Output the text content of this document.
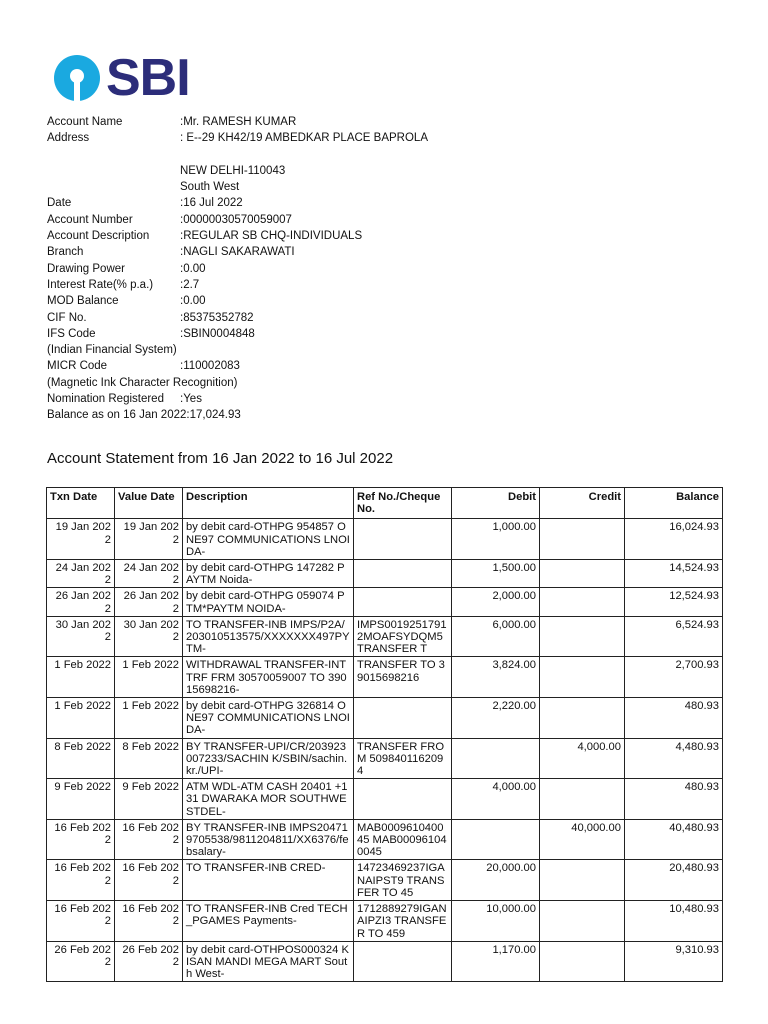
SBI
Account Name	:Mr. RAMESH KUMAR
Address	: E--29 KH42/19 AMBEDKAR PLACE BAPROLA
NEW DELHI-110043
South West
Date	:16 Jul 2022
Account Number	:00000030570059007
Account Description	:REGULAR SB CHQ-INDIVIDUALS
Branch	:NAGLI SAKARAWATI
Drawing Power	:0.00
Interest Rate(% p.a.)	:2.7
MOD Balance	:0.00
CIF No.	:85375352782
IFS Code	:SBIN0004848
(Indian Financial System)
MICR Code	:110002083
(Magnetic Ink Character Recognition)
Nomination Registered	:Yes
Balance as on 16 Jan 2022 :17,024.93
Account Statement from 16 Jan 2022 to 16 Jul 2022
Txn Date	Value Date	Description	Ref No./Cheque No.	Debit	Credit	Balance
19 Jan 2022	19 Jan 2022	by debit card-OTHPG 954857 ONE97 COMMUNICATIONS LNOIDA-		1,000.00		16,024.93
24 Jan 2022	24 Jan 2022	by debit card-OTHPG 147282 PAYTM Noida-		1,500.00		14,524.93
26 Jan 2022	26 Jan 2022	by debit card-OTHPG 059074 PTM*PAYTM NOIDA-		2,000.00		12,524.93
30 Jan 2022	30 Jan 2022	TO TRANSFER-INB IMPS/P2A/203010513575/XXXXXXX497PYTM-	IMPS00192517912MOAFSYDQM5 TRANSFER T	6,000.00		6,524.93
1 Feb 2022	1 Feb 2022	WITHDRAWAL TRANSFER-INT TRF FRM 30570059007 TO 39015698216-	TRANSFER TO 39015698216	3,824.00		2,700.93
1 Feb 2022	1 Feb 2022	by debit card-OTHPG 326814 ONE97 COMMUNICATIONS LNOIDA-		2,220.00		480.93
8 Feb 2022	8 Feb 2022	BY TRANSFER-UPI/CR/203923007233/SACHIN K/SBIN/sachin.kr./UPI-	TRANSFER FROM 5098401162094		4,000.00	4,480.93
9 Feb 2022	9 Feb 2022	ATM WDL-ATM CASH 20401 +131 DWARAKA MOR SOUTHWESTDEL-		4,000.00		480.93
16 Feb 2022	16 Feb 2022	BY TRANSFER-INB IMPS204719705538/9811204811/XX6376/febsalary-	MAB000961040045 MAB000961040045		40,000.00	40,480.93
16 Feb 2022	16 Feb 2022	TO TRANSFER-INB CRED-	14723469237IGANAIPST9 TRANSFER TO 45	20,000.00		20,480.93
16 Feb 2022	16 Feb 2022	TO TRANSFER-INB Cred TECH_PGAMES Payments-	1712889279IGANAIPZI3 TRANSFER TO 459	10,000.00		10,480.93
26 Feb 2022	26 Feb 2022	by debit card-OTHPOS000324 KISAN MANDI MEGA MART South West-		1,170.00		9,310.93
